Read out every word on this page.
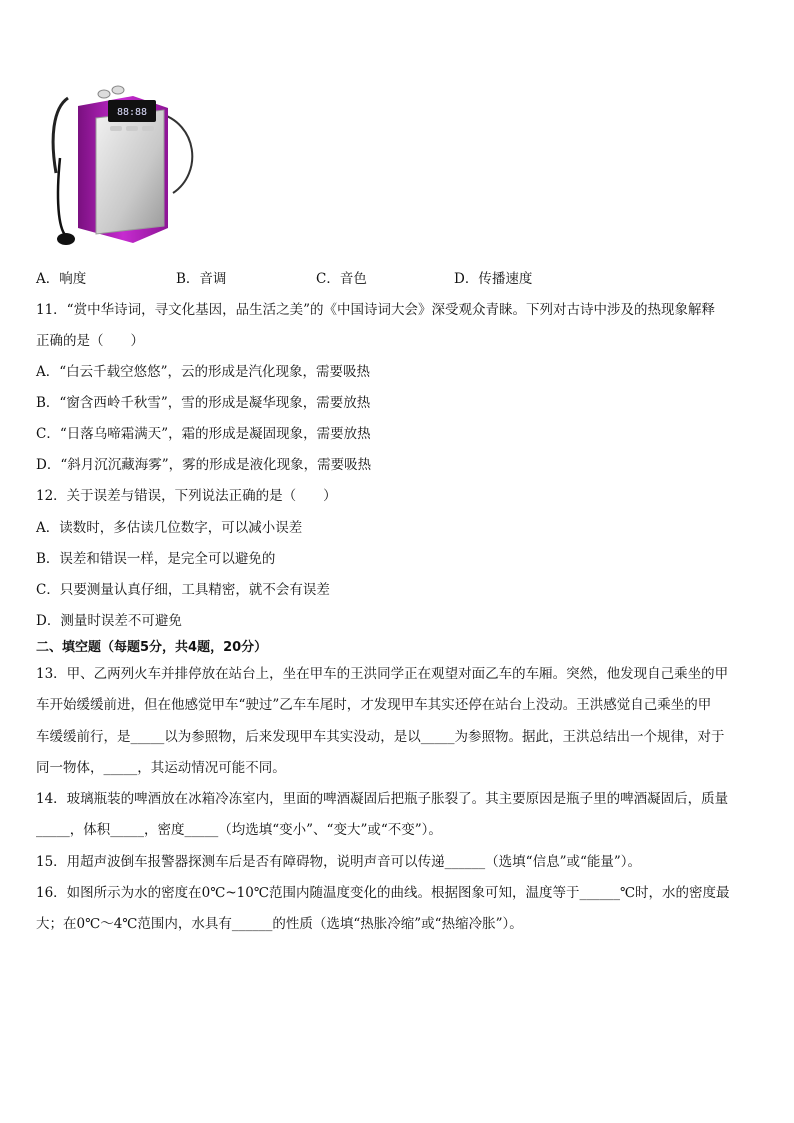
88:88
A．响度	B．音调	C．音色	D．传播速度
11．“赏中华诗词，寻文化基因，品生活之美”的《中国诗词大会》深受观众青睐。下列对古诗中涉及的热现象解释
正确的是（　　）
A．“白云千载空悠悠”，云的形成是汽化现象，需要吸热
B．“窗含西岭千秋雪”，雪的形成是凝华现象，需要放热
C．“日落乌啼霜满天”，霜的形成是凝固现象，需要放热
D．“斜月沉沉藏海雾”，雾的形成是液化现象，需要吸热
12．关于误差与错误，下列说法正确的是（　　）
A．读数时，多估读几位数字，可以减小误差
B．误差和错误一样，是完全可以避免的
C．只要测量认真仔细，工具精密，就不会有误差
D．测量时误差不可避免
二、填空题（每题5分，共4题，20分）
13．甲、乙两列火车并排停放在站台上，坐在甲车的王洪同学正在观望对面乙车的车厢。突然，他发现自己乘坐的甲
车开始缓缓前进，但在他感觉甲车“驶过”乙车车尾时，才发现甲车其实还停在站台上没动。王洪感觉自己乘坐的甲
车缓缓前行，是_____以为参照物，后来发现甲车其实没动，是以_____为参照物。据此，王洪总结出一个规律，对于
同一物体，_____，其运动情况可能不同。
14．玻璃瓶装的啤酒放在冰箱冷冻室内，里面的啤酒凝固后把瓶子胀裂了。其主要原因是瓶子里的啤酒凝固后，质量
_____，体积_____，密度_____（均选填“变小”、“变大”或“不变”）。
15．用超声波倒车报警器探测车后是否有障碍物，说明声音可以传递______（选填“信息”或“能量”）。
16．如图所示为水的密度在0℃~10℃范围内随温度变化的曲线。根据图象可知，温度等于______℃时，水的密度最
大；在0℃～4℃范围内，水具有______的性质（选填“热胀冷缩”或“热缩冷胀”）。
